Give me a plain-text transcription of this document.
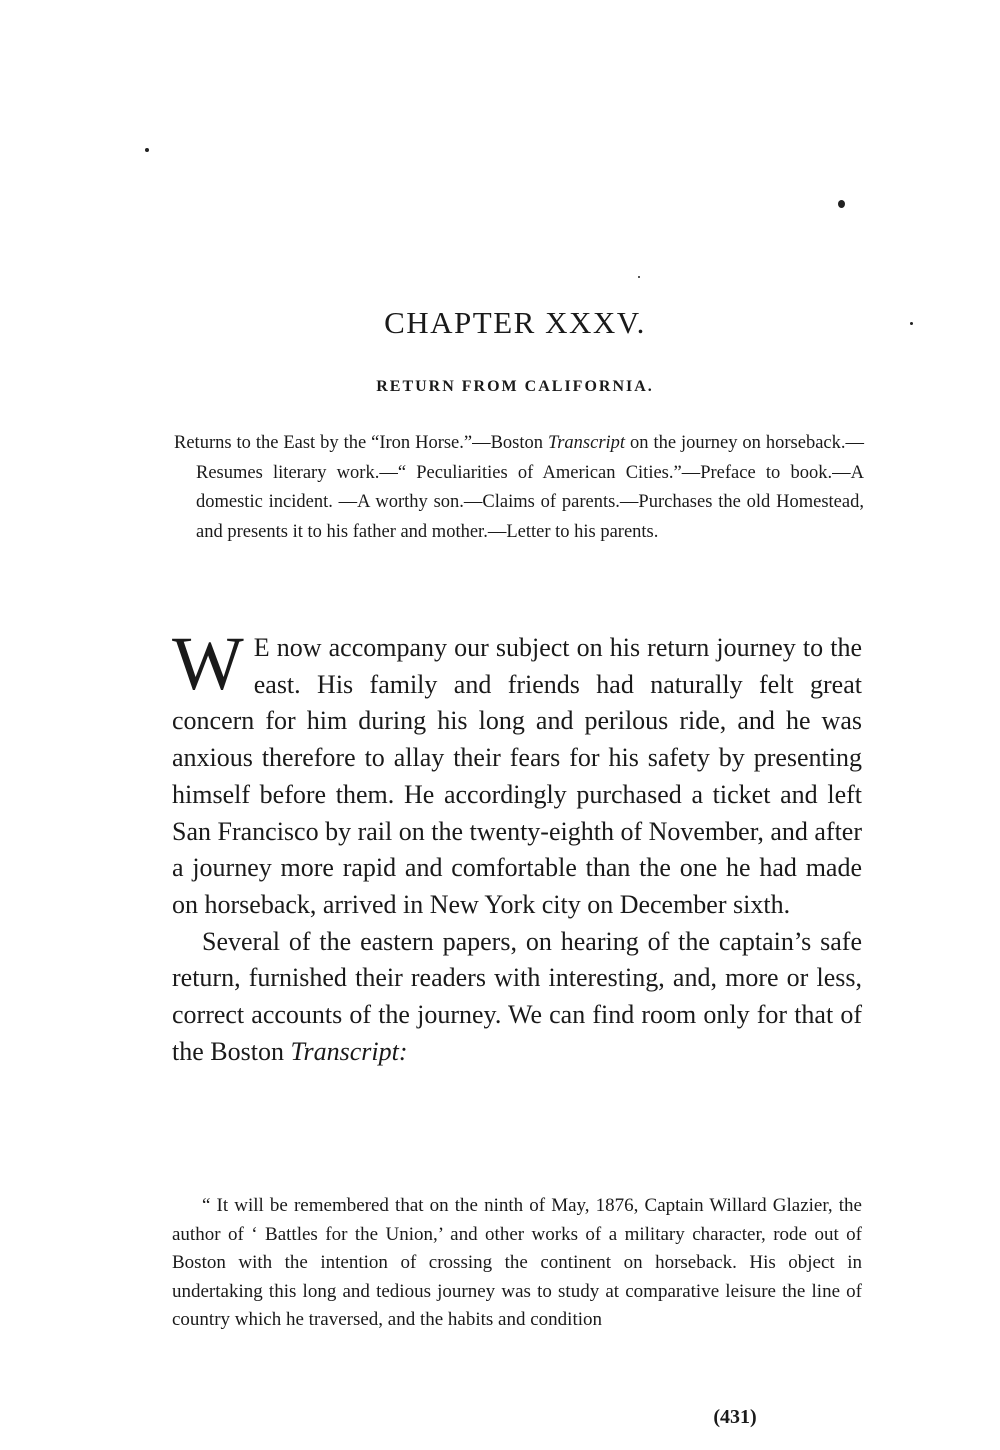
CHAPTER XXXV.
RETURN FROM CALIFORNIA.
Returns to the East by the “Iron Horse.”—Boston Transcript on the journey on horseback.—Resumes literary work.—“ Peculiarities of American Cities.”—Preface to book.—A domestic incident. —A worthy son.—Claims of parents.—Purchases the old Homestead, and presents it to his father and mother.—Letter to his parents.

W E now accompany our subject on his return journey to the east. His family and friends had naturally felt great concern for him during his long and perilous ride, and he was anxious therefore to allay their fears for his safety by presenting himself before them. He accordingly purchased a ticket and left San Francisco by rail on the twenty-eighth of November, and after a journey more rapid and comfortable than the one he had made on horseback, arrived in New York city on December sixth.

Several of the eastern papers, on hearing of the captain’s safe return, furnished their readers with interesting, and, more or less, correct accounts of the journey. We can find room only for that of the Boston Transcript:

“ It will be remembered that on the ninth of May, 1876, Captain Willard Glazier, the author of ‘ Battles for the Union,’ and other works of a military character, rode out of Boston with the intention of crossing the continent on horseback. His object in undertaking this long and tedious journey was to study at comparative leisure the line of country which he traversed, and the habits and condition
(431)
